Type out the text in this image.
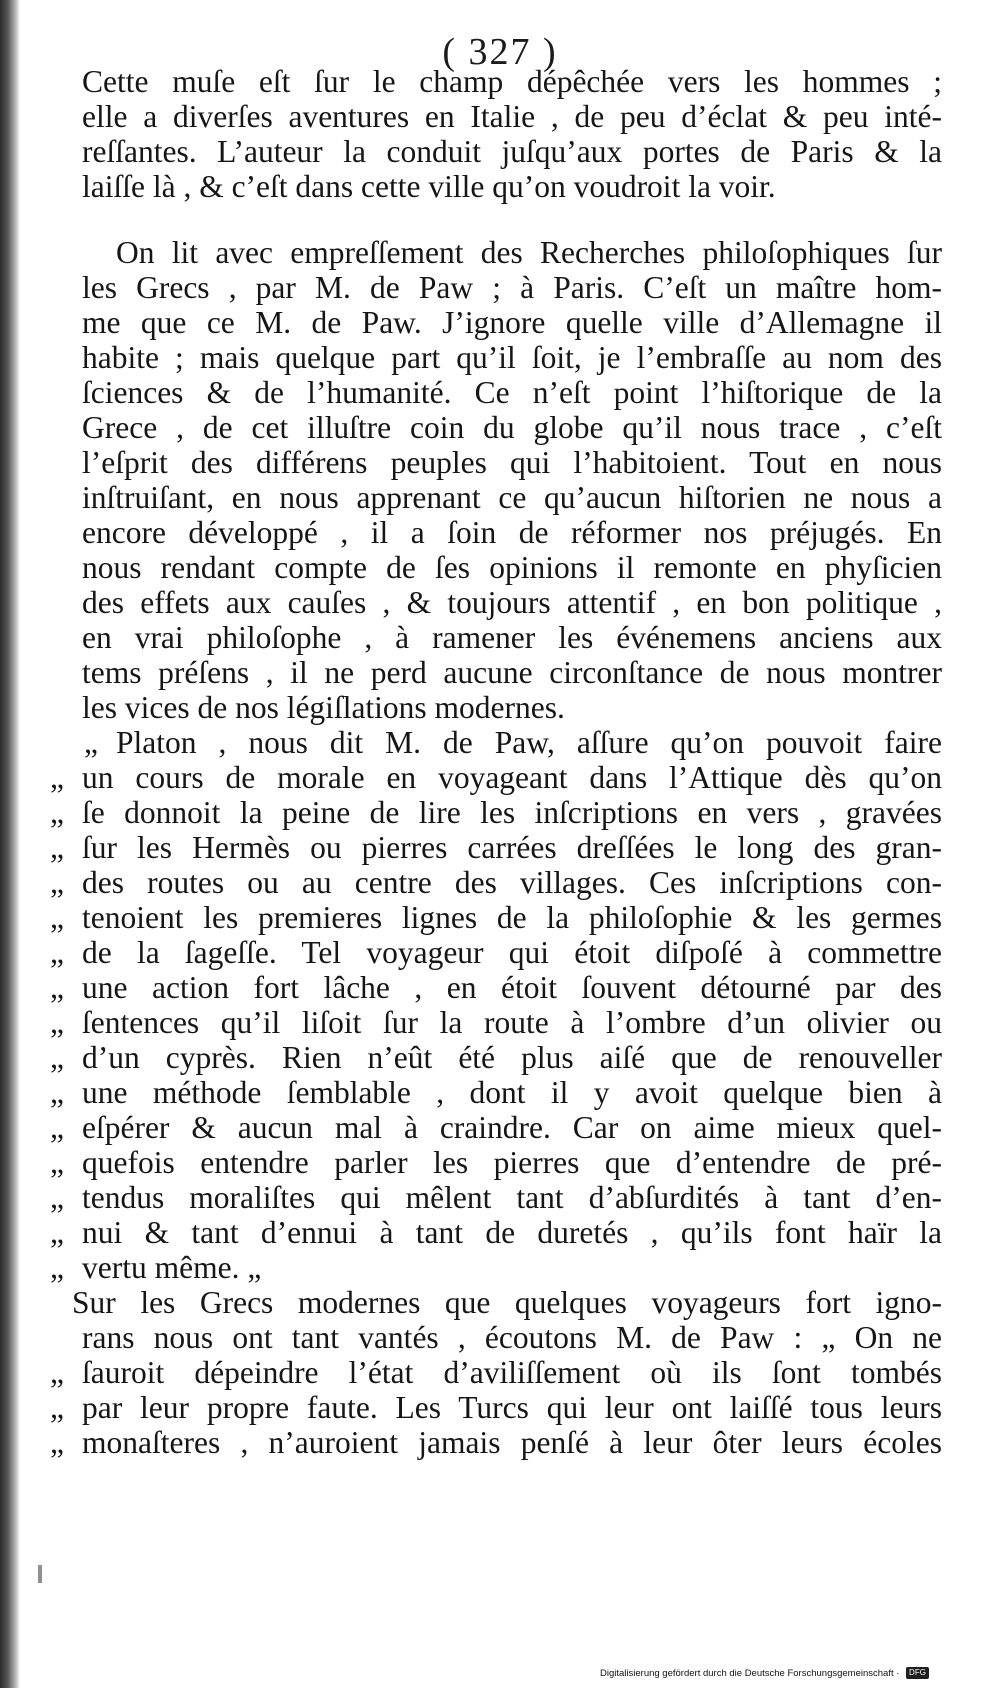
( 327 )
Cette muſe eſt ſur le champ dépêchée vers les hommes ;
elle a diverſes aventures en Italie , de peu d’éclat & peu inté-
reſſantes. L’auteur la conduit juſqu’aux portes de Paris & la
laiſſe là , & c’eſt dans cette ville qu’on voudroit la voir.
On lit avec empreſſement des Recherches philoſophiques ſur
les Grecs , par M. de Paw ; à Paris. C’eſt un maître hom-
me que ce M. de Paw. J’ignore quelle ville d’Allemagne il
habite ; mais quelque part qu’il ſoit, je l’embraſſe au nom des
ſciences & de l’humanité. Ce n’eſt point l’hiſtorique de la
Grece , de cet illuſtre coin du globe qu’il nous trace , c’eſt
l’eſprit des différens peuples qui l’habitoient. Tout en nous
inſtruiſant, en nous apprenant ce qu’aucun hiſtorien ne nous a
encore développé , il a ſoin de réformer nos préjugés. En
nous rendant compte de ſes opinions il remonte en phyſicien
des effets aux cauſes , & toujours attentif , en bon politique ,
en vrai philoſophe , à ramener les événemens anciens aux
tems préſens , il ne perd aucune circonſtance de nous montrer
les vices de nos légiſlations modernes.
„ Platon , nous dit M. de Paw, aſſure qu’on pouvoit faire
„ un cours de morale en voyageant dans l’Attique dès qu’on
„ ſe donnoit la peine de lire les inſcriptions en vers , gravées
„ ſur les Hermès ou pierres carrées dreſſées le long des gran-
„ des routes ou au centre des villages. Ces inſcriptions con-
„ tenoient les premieres lignes de la philoſophie & les germes
„ de la ſageſſe. Tel voyageur qui étoit diſpoſé à commettre
„ une action fort lâche , en étoit ſouvent détourné par des
„ ſentences qu’il liſoit ſur la route à l’ombre d’un olivier ou
„ d’un cyprès. Rien n’eût été plus aiſé que de renouveller
„ une méthode ſemblable , dont il y avoit quelque bien à
„ eſpérer & aucun mal à craindre. Car on aime mieux quel-
„ quefois entendre parler les pierres que d’entendre de pré-
„ tendus moraliſtes qui mêlent tant d’abſurdités à tant d’en-
„ nui & tant d’ennui à tant de duretés , qu’ils font haïr la
„ vertu même. „
Sur les Grecs modernes que quelques voyageurs fort igno-
rans nous ont tant vantés , écoutons M. de Paw : „ On ne
„ ſauroit dépeindre l’état d’aviliſſement où ils ſont tombés
„ par leur propre faute. Les Turcs qui leur ont laiſſé tous leurs
„ monaſteres , n’auroient jamais penſé à leur ôter leurs écoles
Digitalisierung gefördert durch die Deutsche Forschungsgemeinschaft · DFG
